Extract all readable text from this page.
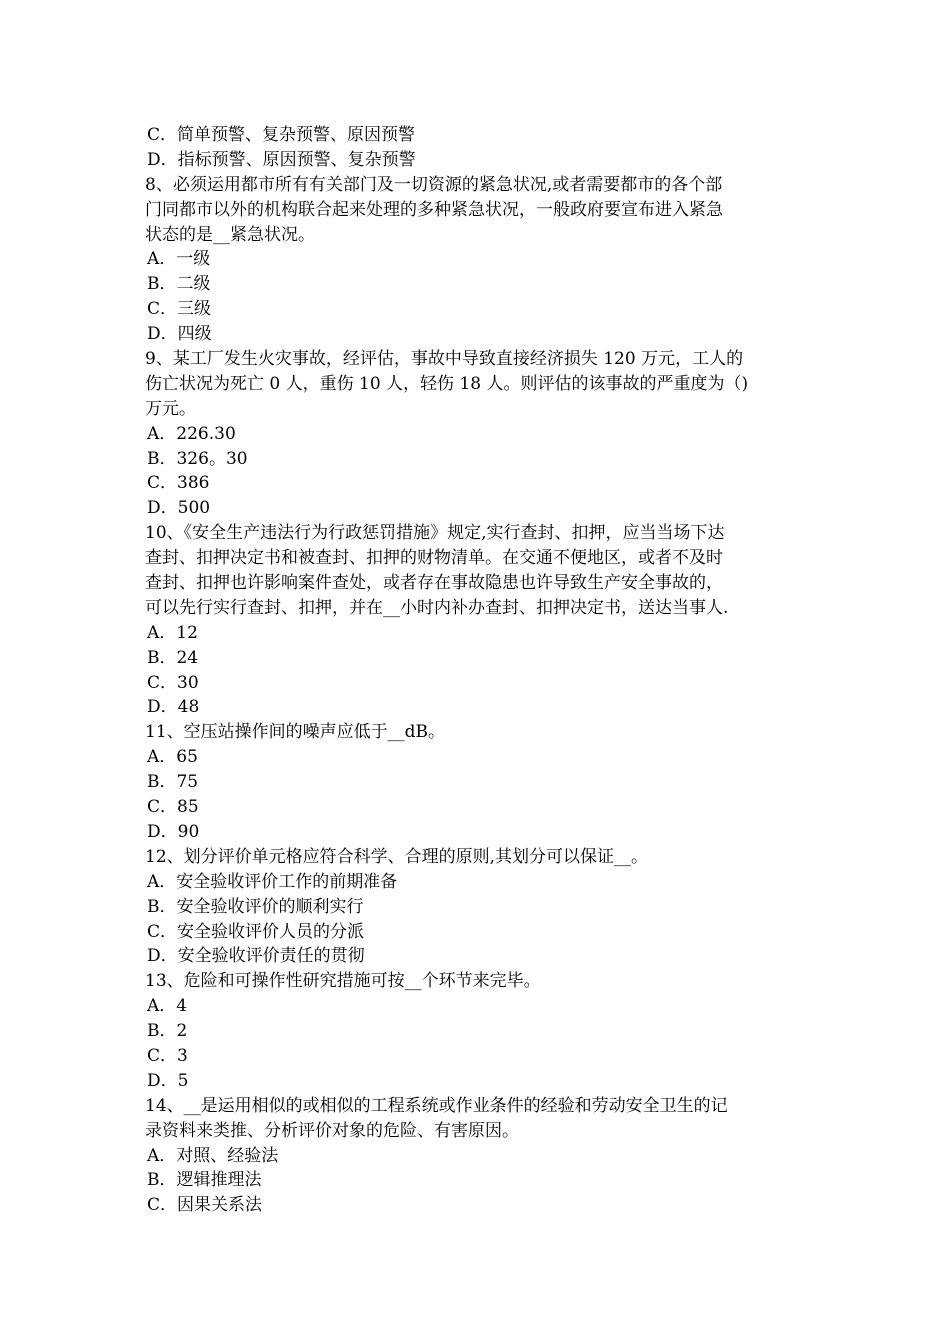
C．简单预警、复杂预警、原因预警
D．指标预警、原因预警、复杂预警
8、必须运用都市所有有关部门及一切资源的紧急状况,或者需要都市的各个部
门同都市以外的机构联合起来处理的多种紧急状况，一般政府要宣布进入紧急
状态的是__紧急状况。
A．一级
B．二级
C．三级
D．四级
9、某工厂发生火灾事故，经评估，事故中导致直接经济损失 120 万元，工人的
伤亡状况为死亡 0 人，重伤 10 人，轻伤 18 人。则评估的该事故的严重度为（)
万元。
A．226.30
B．326。30
C．386
D．500
10、《安全生产违法行为行政惩罚措施》规定,实行查封、扣押，应当当场下达
查封、扣押决定书和被查封、扣押的财物清单。在交通不便地区，或者不及时
查封、扣押也许影响案件查处，或者存在事故隐患也许导致生产安全事故的，
可以先行实行查封、扣押，并在__小时内补办查封、扣押决定书，送达当事人.
A．12
B．24
C．30
D．48
11、空压站操作间的噪声应低于__dB。
A．65
B．75
C．85
D．90
12、划分评价单元格应符合科学、合理的原则,其划分可以保证__。
A．安全验收评价工作的前期准备
B．安全验收评价的顺利实行
C．安全验收评价人员的分派
D．安全验收评价责任的贯彻
13、危险和可操作性研究措施可按__个环节来完毕。
A．4
B．2
C．3
D．5
14、__是运用相似的或相似的工程系统或作业条件的经验和劳动安全卫生的记
录资料来类推、分析评价对象的危险、有害原因。
A．对照、经验法
B．逻辑推理法
C．因果关系法
